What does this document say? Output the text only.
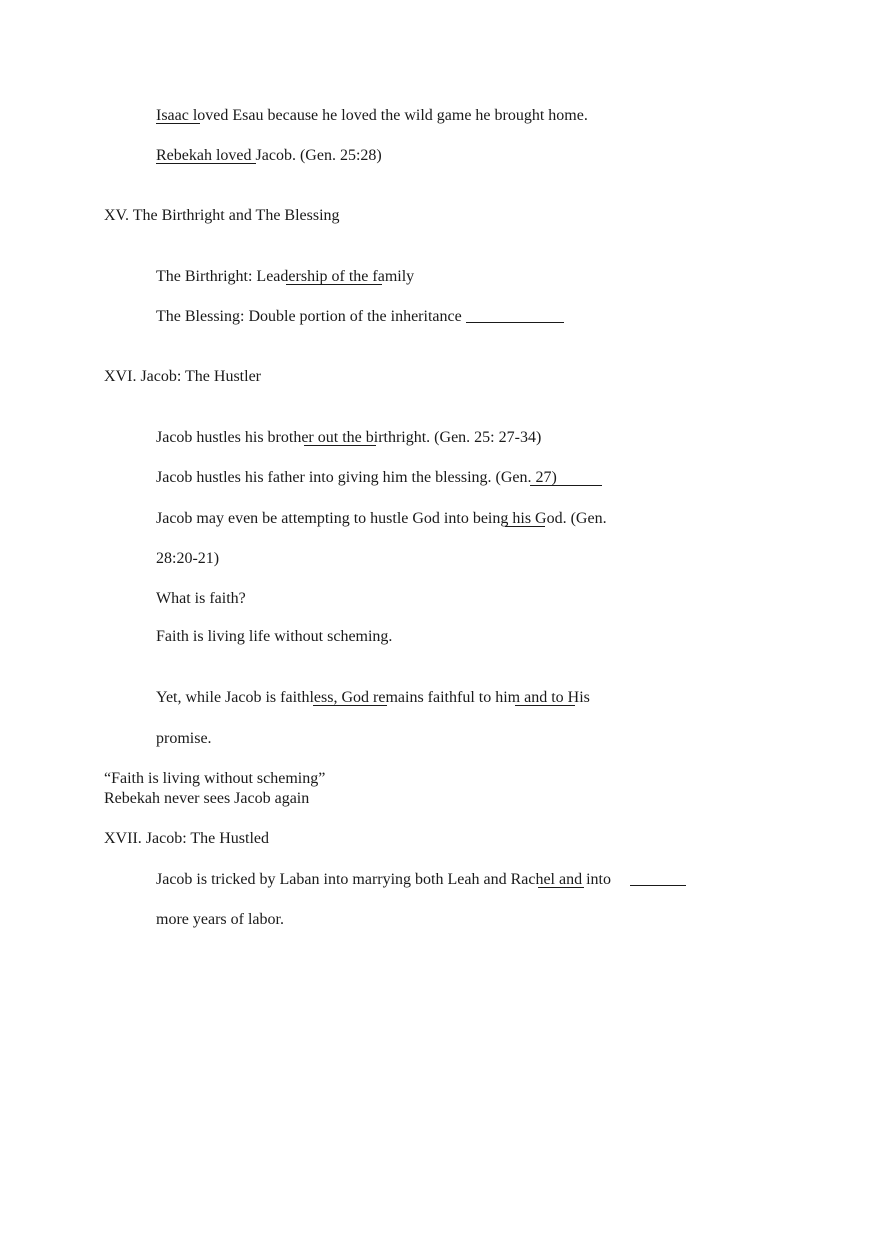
Isaac loved Esau because he loved the wild game he brought home.
Rebekah loved Jacob. (Gen. 25:28)
XV. The Birthright and The Blessing
The Birthright: Leadership of the family
The Blessing: Double portion of the inheritance
XVI. Jacob: The Hustler
Jacob hustles his brother out the birthright. (Gen. 25: 27-34)
Jacob hustles his father into giving him the blessing. (Gen. 27)
Jacob may even be attempting to hustle God into being his God. (Gen.
28:20-21)
What is faith?
Faith is living life without scheming.
Yet, while Jacob is faithless, God remains faithful to him and to His
promise.
“Faith is living without scheming”
Rebekah never sees Jacob again
XVII. Jacob: The Hustled
Jacob is tricked by Laban into marrying both Leah and Rachel and into
more years of labor.
